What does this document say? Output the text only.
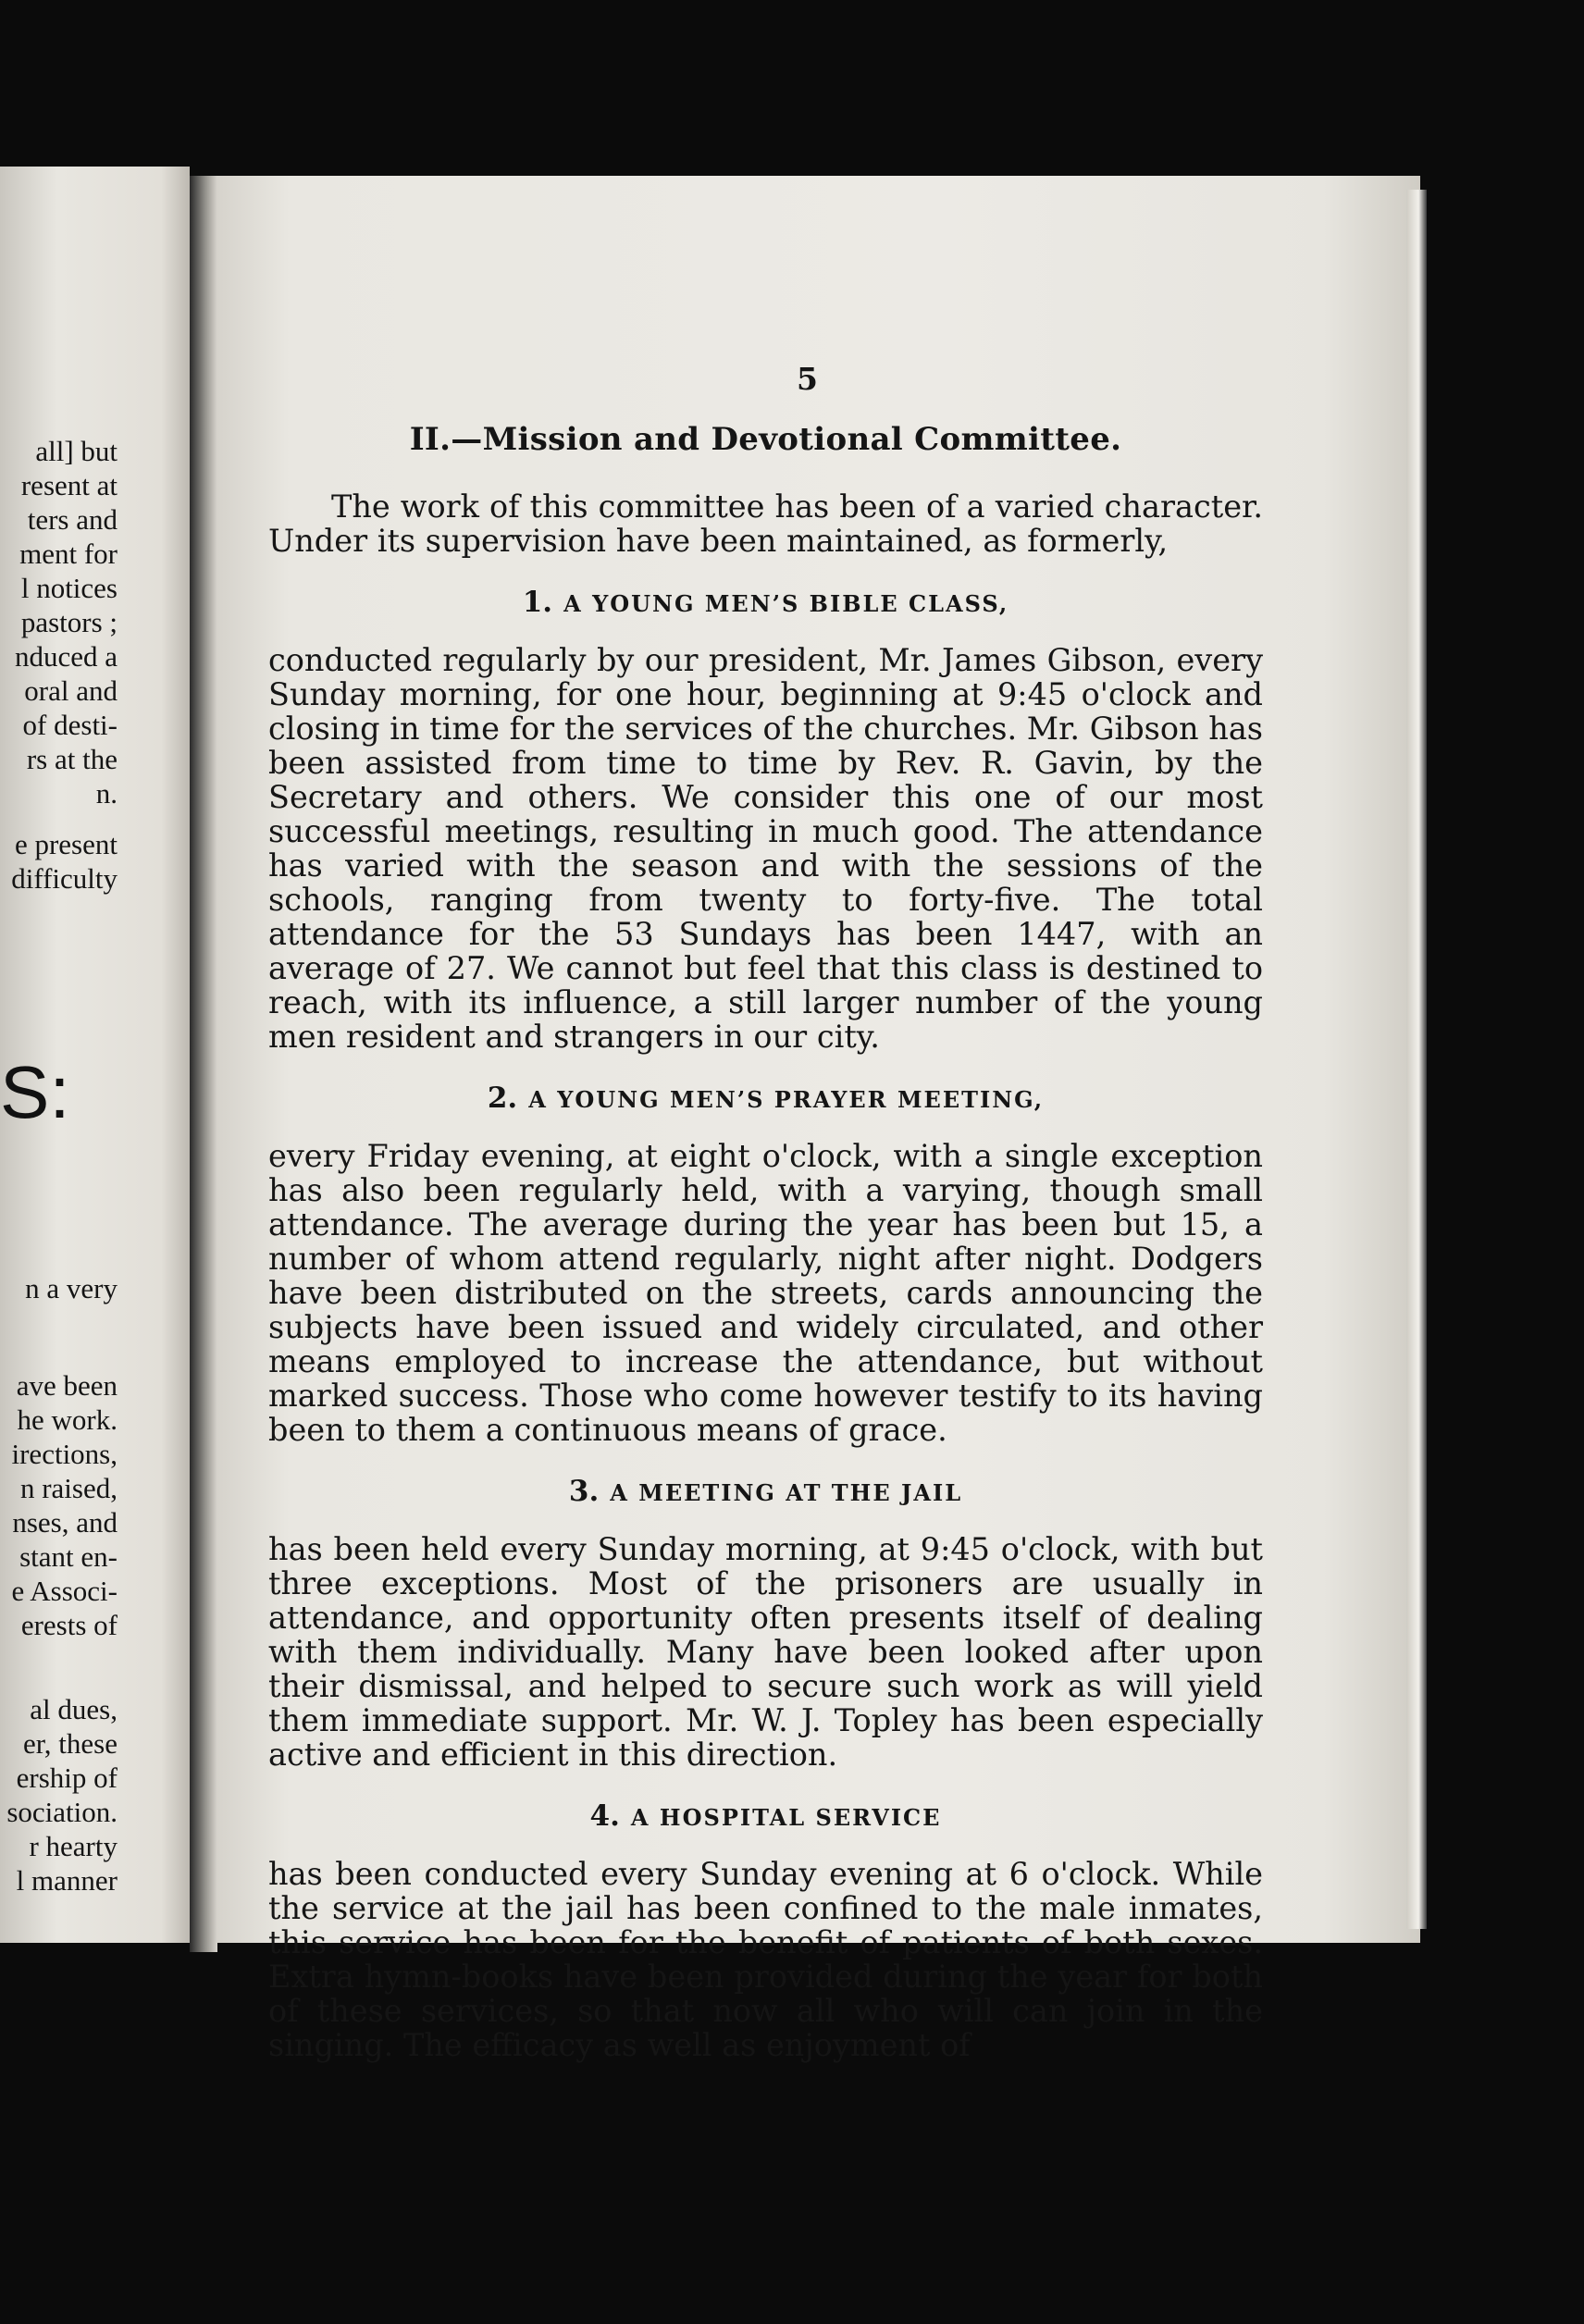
all] but
resent at
ters and
ment for
l notices
pastors ;
nduced a
oral and
of desti-
rs at the
n.
e present
difficulty
S:
n a very
ave been
he work.
irections,
n raised,
nses, and
stant en-
e Associ-
erests of
al dues,
er, these
ership of
sociation.
r hearty
l manner
5
II.—Mission and Devotional Committee.

The work of this committee has been of a varied character. Under its supervision have been maintained, as formerly,

1. A YOUNG MEN’S BIBLE CLASS,

conducted regularly by our president, Mr. James Gibson, every Sunday morning, for one hour, beginning at 9:45 o'clock and closing in time for the services of the churches. Mr. Gibson has been assisted from time to time by Rev. R. Gavin, by the Secretary and others. We consider this one of our most successful meetings, resulting in much good. The attendance has varied with the season and with the sessions of the schools, ranging from twenty to forty-five. The total attendance for the 53 Sundays has been 1447, with an average of 27. We cannot but feel that this class is destined to reach, with its influence, a still larger number of the young men resident and strangers in our city.

2. A YOUNG MEN’S PRAYER MEETING,

every Friday evening, at eight o'clock, with a single exception has also been regularly held, with a varying, though small attendance. The average during the year has been but 15, a number of whom attend regularly, night after night. Dodgers have been distributed on the streets, cards announcing the subjects have been issued and widely circulated, and other means employed to increase the attendance, but without marked success. Those who come however testify to its having been to them a continuous means of grace.

3. A MEETING AT THE JAIL

has been held every Sunday morning, at 9:45 o'clock, with but three exceptions. Most of the prisoners are usually in attendance, and opportunity often presents itself of dealing with them individually. Many have been looked after upon their dismissal, and helped to secure such work as will yield them immediate support. Mr. W. J. Topley has been especially active and efficient in this direction.

4. A HOSPITAL SERVICE

has been conducted every Sunday evening at 6 o'clock. While the service at the jail has been confined to the male inmates, this service has been for the benefit of patients of both sexes. Extra hymn-books have been provided during the year for both of these services, so that now all who will can join in the singing. The efficacy as well as enjoyment of
